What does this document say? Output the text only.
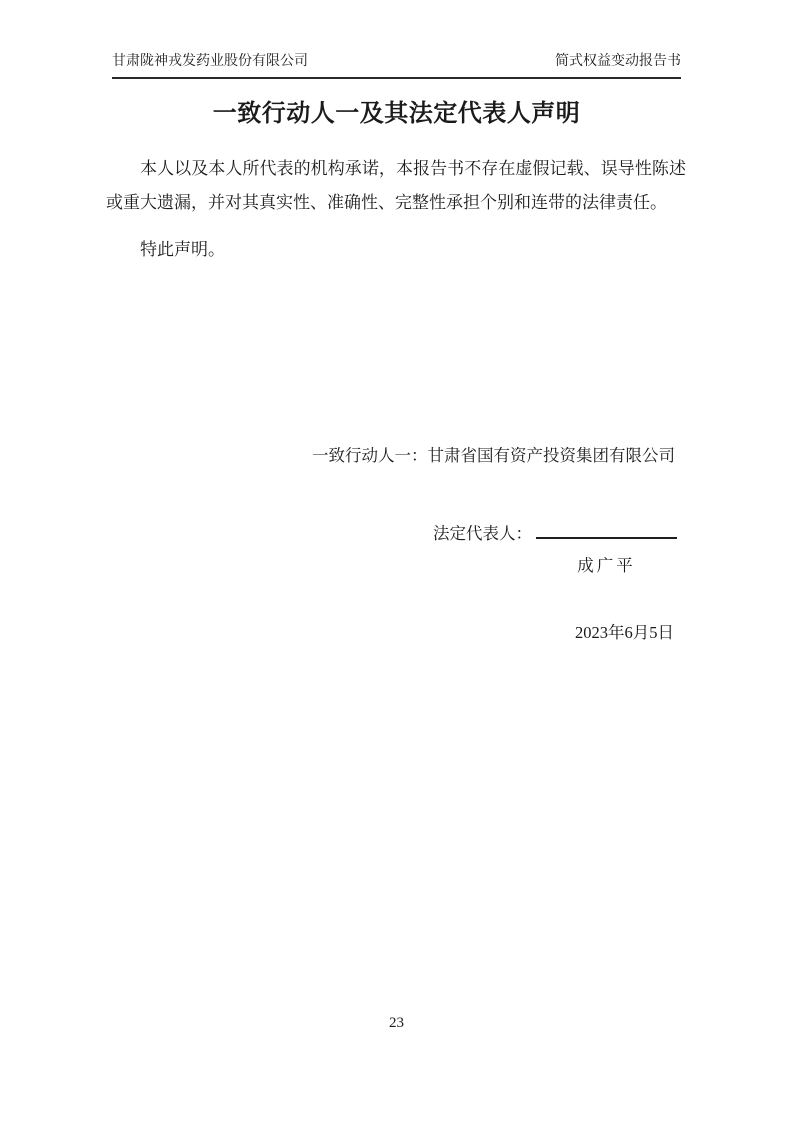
甘肃陇神戎发药业股份有限公司	简式权益变动报告书
一致行动人一及其法定代表人声明
本人以及本人所代表的机构承诺，本报告书不存在虚假记载、误导性陈述或重大遗漏，并对其真实性、准确性、完整性承担个别和连带的法律责任。
特此声明。
一致行动人一：甘肃省国有资产投资集团有限公司
法定代表人：
成广平
2023年6月5日
23
